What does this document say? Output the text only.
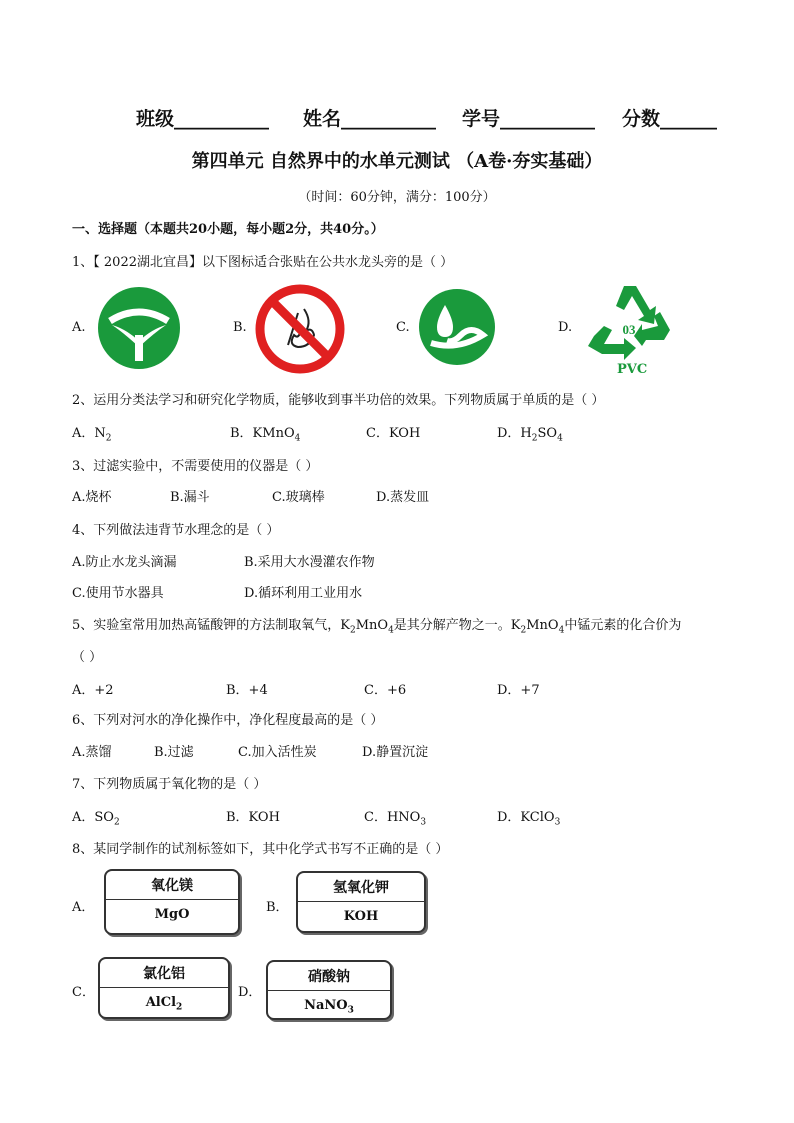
班级__________ 姓名__________ 学号__________ 分数______
第四单元 自然界中的水单元测试 （A卷·夯实基础）
（时间：60分钟，满分：100分）
一、选择题（本题共20小题，每小题2分，共40分。）
1、【 2022湖北宜昌】以下图标适合张贴在公共水龙头旁的是（ ）
A.	B.	C.	D.	03
PVC
2、运用分类法学习和研究化学物质，能够收到事半功倍的效果。下列物质属于单质的是（ ）
A．$N_2$	B．KMnO$_4$	C．KOH	D．$H_2SO_4$
3、过滤实验中，不需要使用的仪器是（ ）
A.烧杯	B.漏斗	C.玻璃棒	D.蒸发皿
4、下列做法违背节水理念的是（ ）
A.防止水龙头滴漏	B.采用大水漫灌农作物
C.使用节水器具	D.循环利用工业用水
5、实验室常用加热高锰酸钾的方法制取氧气，$K_2MnO_4$是其分解产物之一。$K_2MnO_4$中锰元素的化合价为
（ ）
A．+2	B．+4	C．+6	D．+7
6、下列对河水的净化操作中，净化程度最高的是（ ）
A.蒸馏	B.过滤	C.加入活性炭	D.静置沉淀
7、下列物质属于氧化物的是（ ）
A．$SO_2$	B．KOH	C．$HNO_3$	D．KClO$_3$
8、某同学制作的试剂标签如下，其中化学式书写不正确的是（ ）
A．
氧化镁
MgO	B．
氢氧化钾
KOH
C．
氯化铝
AlCl$_2$
D．
硝酸钠
NaNO$_3$
